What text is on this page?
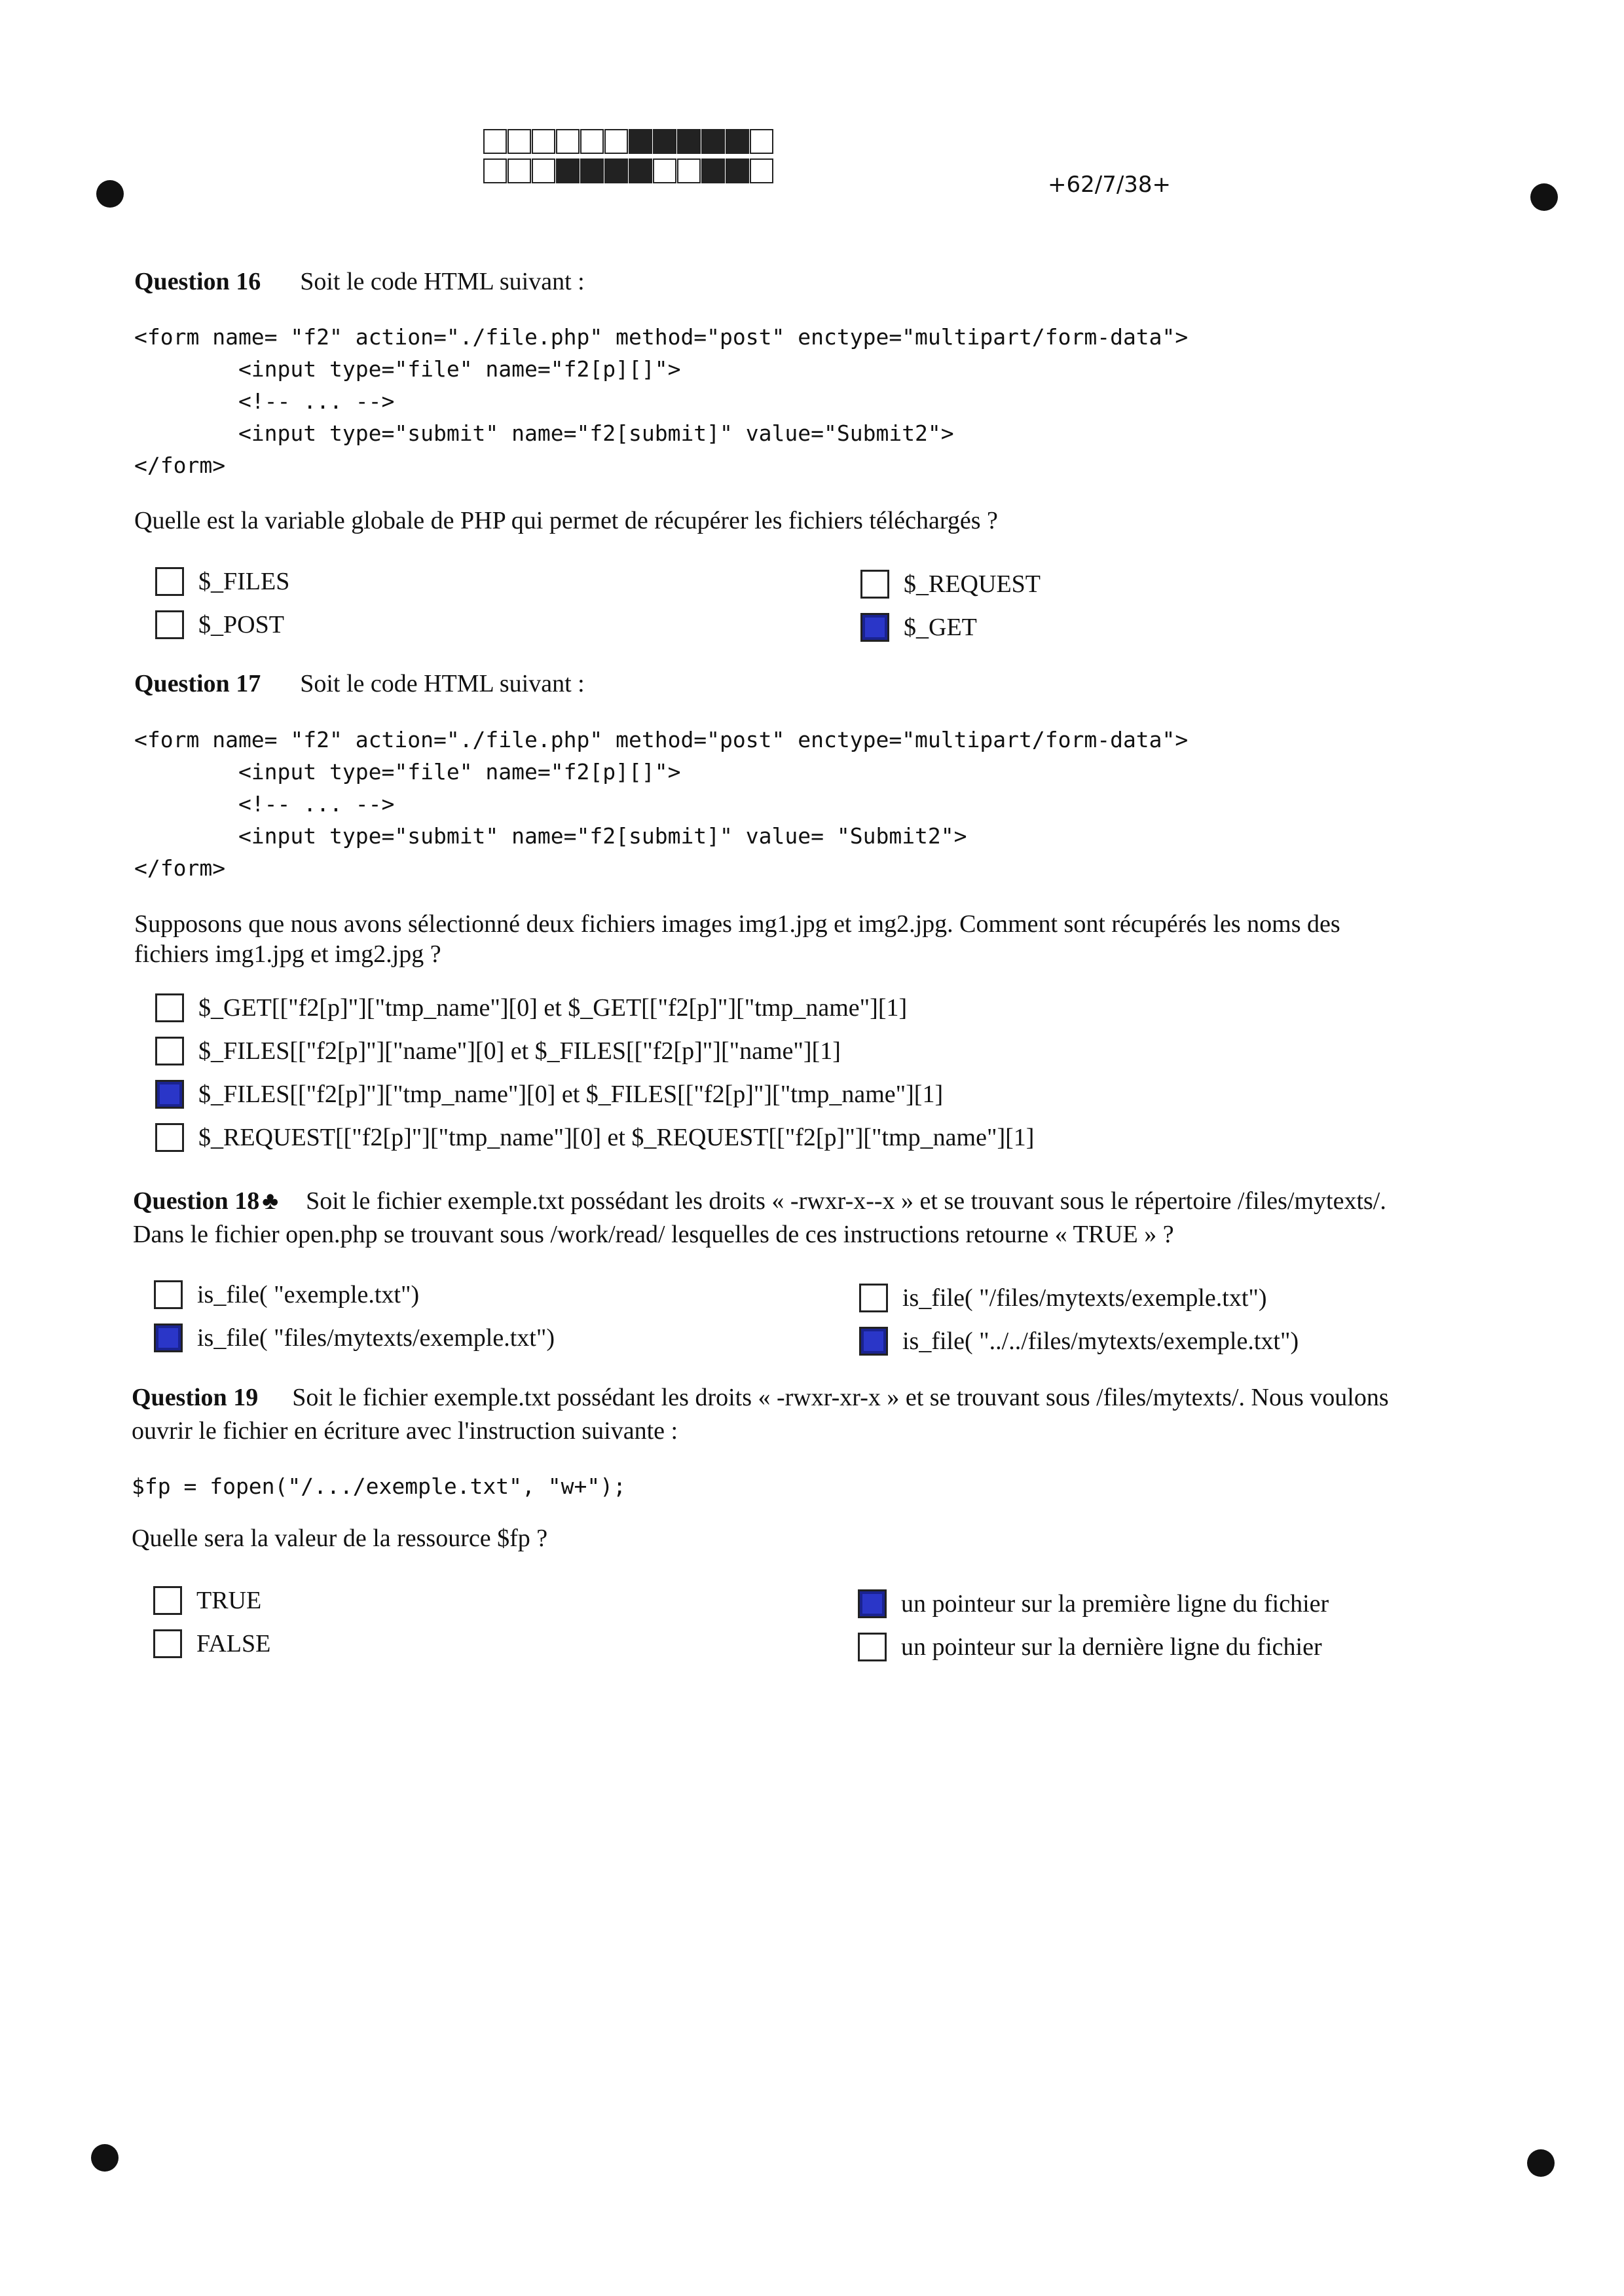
+62/7/38+
Question 16 Soit le code HTML suivant :
<form name= "f2" action="./file.php" method="post" enctype="multipart/form-data">
<input type="file" name="f2[p][]">
<!-- ... -->
<input type="submit" name="f2[submit]" value="Submit2">
</form>
Quelle est la variable globale de PHP qui permet de récupérer les fichiers téléchargés ?
$_FILES	$_REQUEST
$_POST	$_GET
Question 17 Soit le code HTML suivant :
<form name= "f2" action="./file.php" method="post" enctype="multipart/form-data">
<input type="file" name="f2[p][]">
<!-- ... -->
<input type="submit" name="f2[submit]" value= "Submit2">
</form>
Supposons que nous avons sélectionné deux fichiers images img1.jpg et img2.jpg. Comment sont récupérés les noms des
fichiers img1.jpg et img2.jpg ?
$_GET[["f2[p]"]["tmp_name"][0] et $_GET[["f2[p]"]["tmp_name"][1]
$_FILES[["f2[p]"]["name"][0] et $_FILES[["f2[p]"]["name"][1]
$_FILES[["f2[p]"]["tmp_name"][0] et $_FILES[["f2[p]"]["tmp_name"][1]
$_REQUEST[["f2[p]"]["tmp_name"][0] et $_REQUEST[["f2[p]"]["tmp_name"][1]
Question 18 ♣ Soit le fichier exemple.txt possédant les droits « -rwxr-x--x » et se trouvant sous le répertoire /files/mytexts/.
Dans le fichier open.php se trouvant sous /work/read/ lesquelles de ces instructions retourne « TRUE » ?
is_file( "exemple.txt")	is_file( "/files/mytexts/exemple.txt")
is_file( "files/mytexts/exemple.txt")	is_file( "../../files/mytexts/exemple.txt")
Question 19 Soit le fichier exemple.txt possédant les droits « -rwxr-xr-x » et se trouvant sous /files/mytexts/. Nous voulons
ouvrir le fichier en écriture avec l'instruction suivante :
$fp = fopen("/.../exemple.txt", "w+");
Quelle sera la valeur de la ressource $fp ?
TRUE	un pointeur sur la première ligne du fichier
FALSE	un pointeur sur la dernière ligne du fichier
